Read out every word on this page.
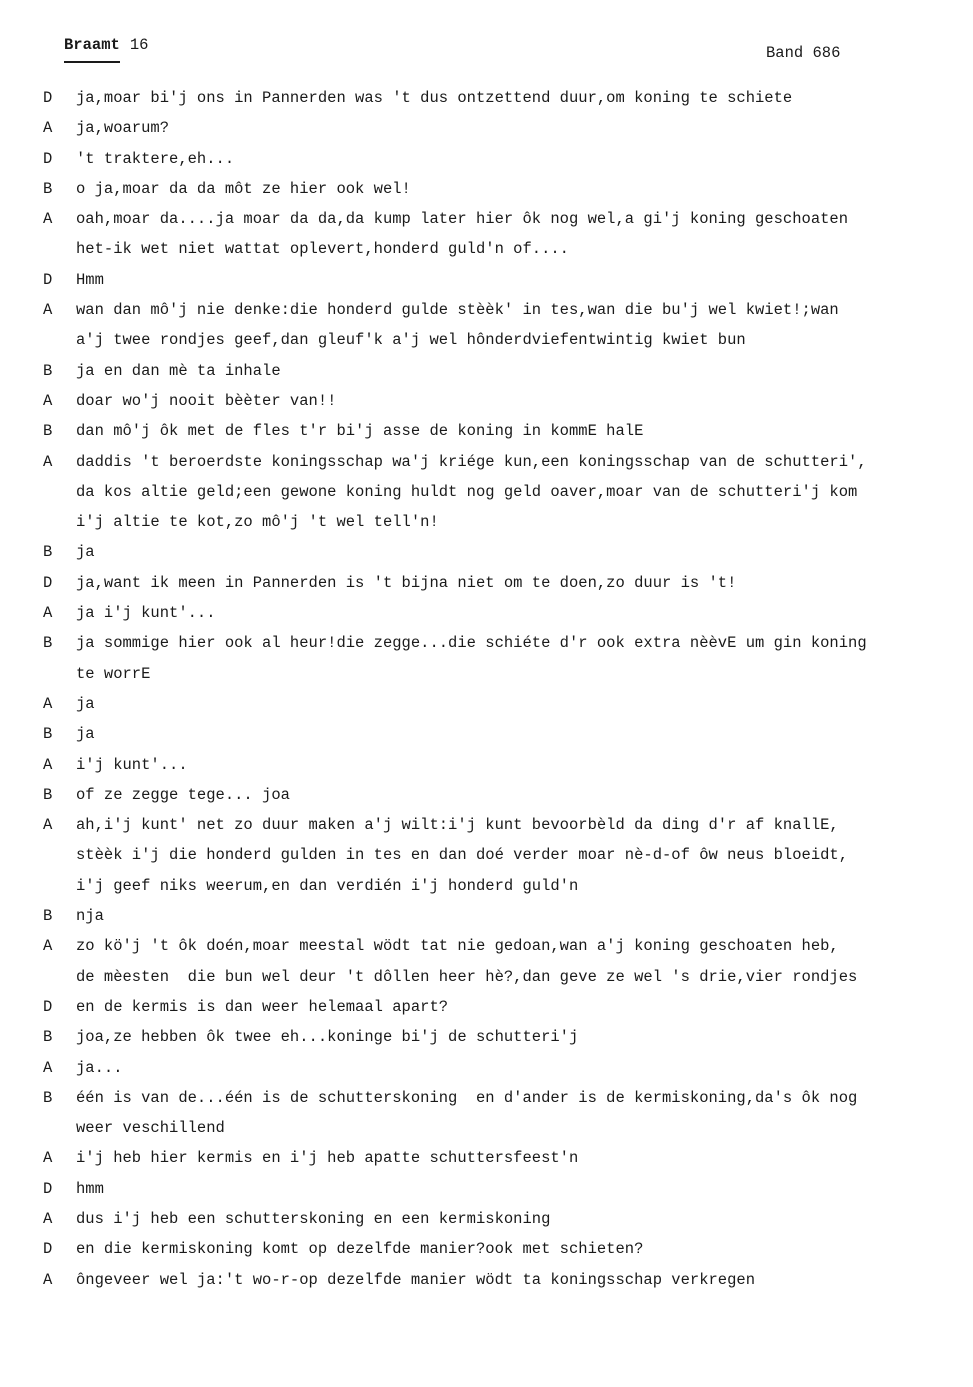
Braamt 16	Band 686
D ja,moar bi'j ons in Pannerden was 't dus ontzettend duur,om koning te schiete
A ja,woarum?
D 't traktere,eh...
B o ja,moar da da môt ze hier ook wel!
A oah,moar da....ja moar da da,da kump later hier ôk nog wel,a gi'j koning geschoaten
het-ik wet niet wattat oplevert,honderd guld'n of....
D Hmm
A wan dan mô'j nie denke:die honderd gulde stèèk' in tes,wan die bu'j wel kwiet!;wan
a'j twee rondjes geef,dan gleuf'k a'j wel hônderdviefentwintig kwiet bun
B ja en dan mè ta inhale
A doar wo'j nooit bèèter van!!
B dan mô'j ôk met de fles t'r bi'j asse de koning in kommE halE
A daddis 't beroerdste koningsschap wa'j kriége kun,een koningsschap van de schutteri',
da kos altie geld;een gewone koning huldt nog geld oaver,moar van de schutteri'j kom
i'j altie te kot,zo mô'j 't wel tell'n!
B ja
D ja,want ik meen in Pannerden is 't bijna niet om te doen,zo duur is 't!
A ja i'j kunt'...
B ja sommige hier ook al heur!die zegge...die schiéte d'r ook extra nèèvE um gin koning
te worrE
A ja
B ja
A i'j kunt'...
B of ze zegge tege... joa
A ah,i'j kunt' net zo duur maken a'j wilt:i'j kunt bevoorbèld da ding d'r af knallE,
stèèk i'j die honderd gulden in tes en dan doé verder moar nè-d-of ôw neus bloeidt,
i'j geef niks weerum,en dan verdién i'j honderd guld'n
B nja
A zo kö'j 't ôk doén,moar meestal wödt tat nie gedoan,wan a'j koning geschoaten heb,
de mèesten  die bun wel deur 't dôllen heer hè?,dan geve ze wel 's drie,vier rondjes
D en de kermis is dan weer helemaal apart?
B joa,ze hebben ôk twee eh...koninge bi'j de schutteri'j
A ja...
B één is van de...één is de schutterskoning  en d'ander is de kermiskoning,da's ôk nog
weer veschillend
A i'j heb hier kermis en i'j heb apatte schuttersfeest'n
D hmm
A dus i'j heb een schutterskoning en een kermiskoning
D en die kermiskoning komt op dezelfde manier?ook met schieten?
A ôngeveer wel ja:'t wo-r-op dezelfde manier wödt ta koningsschap verkregen
